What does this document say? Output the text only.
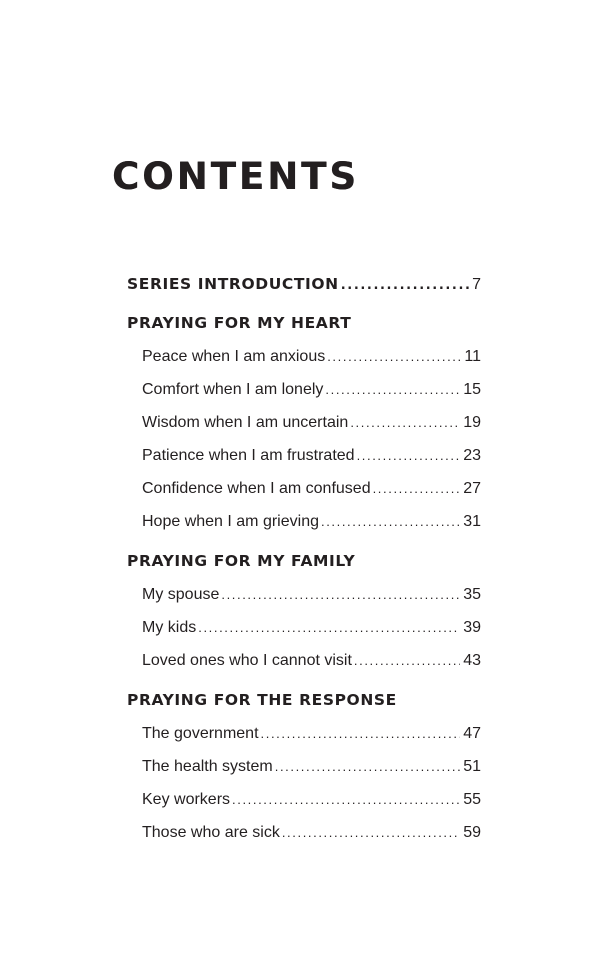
CONTENTS
SERIES INTRODUCTION .....	7
PRAYING FOR MY HEART
Peace when I am anxious .....	11
Comfort when I am lonely .....	15
Wisdom when I am uncertain .....	19
Patience when I am frustrated .....	23
Confidence when I am confused .....	27
Hope when I am grieving .....	31
PRAYING FOR MY FAMILY
My spouse .....	35
My kids .....	39
Loved ones who I cannot visit .....	43
PRAYING FOR THE RESPONSE
The government .....	47
The health system .....	51
Key workers .....	55
Those who are sick .....	59
